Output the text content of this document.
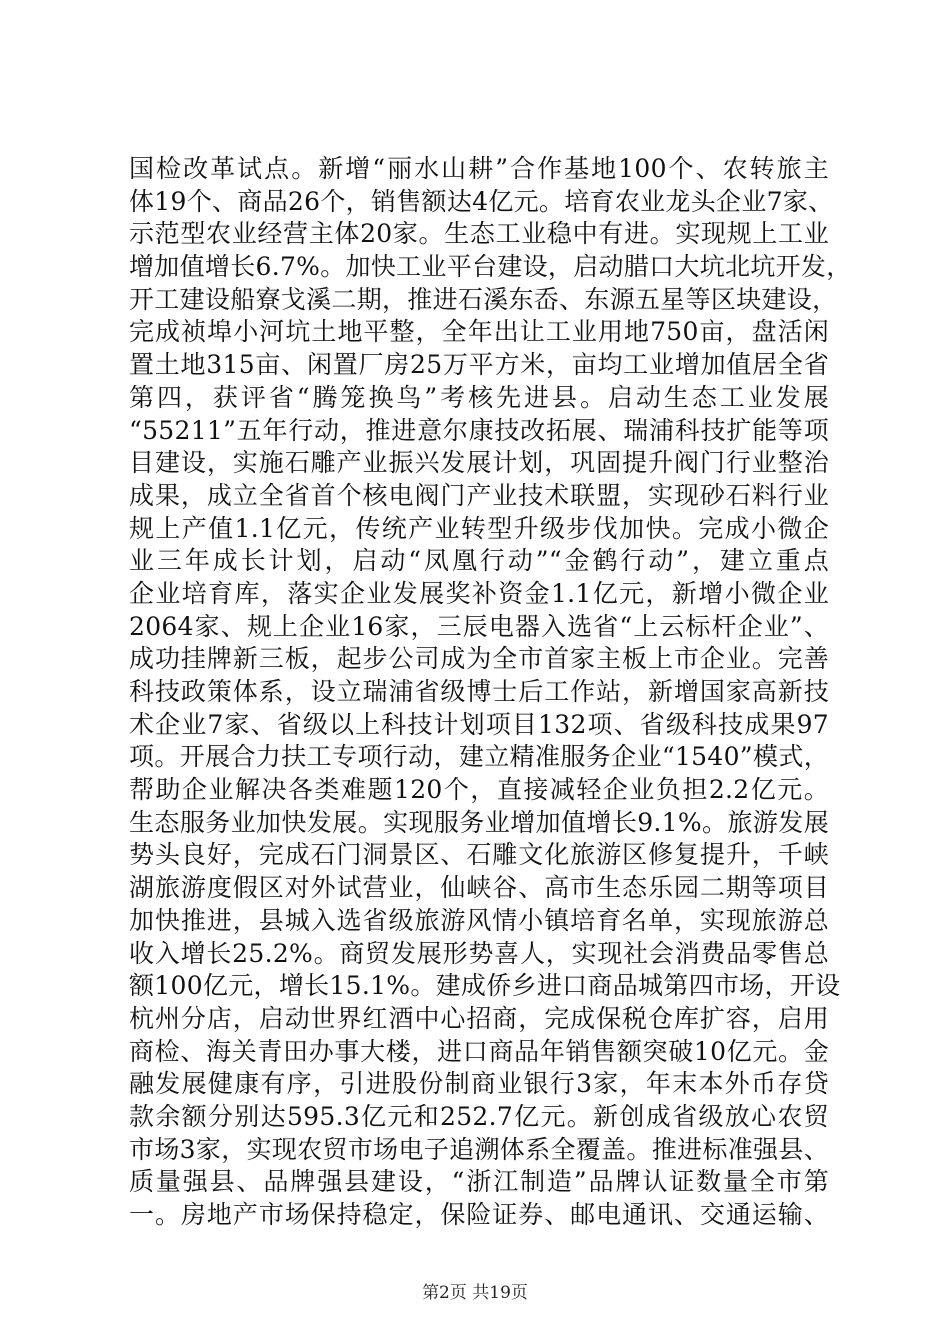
国检改革试点。新增“丽水山耕”合作基地100个、农转旅主
体19个、商品26个，销售额达4亿元。培育农业龙头企业7家、
示范型农业经营主体20家。生态工业稳中有进。实现规上工业
增加值增长6.7%。加快工业平台建设，启动腊口大坑北坑开发，
开工建设船寮戈溪二期，推进石溪东岙、东源五星等区块建设，
完成祯埠小河坑土地平整，全年出让工业用地750亩，盘活闲
置土地315亩、闲置厂房25万平方米，亩均工业增加值居全省
第四，获评省“腾笼换鸟”考核先进县。启动生态工业发展
“55211”五年行动，推进意尔康技改拓展、瑞浦科技扩能等项
目建设，实施石雕产业振兴发展计划，巩固提升阀门行业整治
成果，成立全省首个核电阀门产业技术联盟，实现砂石料行业
规上产值1.1亿元，传统产业转型升级步伐加快。完成小微企
业三年成长计划，启动“凤凰行动”“金鹤行动”，建立重点
企业培育库，落实企业发展奖补资金1.1亿元，新增小微企业
2064家、规上企业16家，三辰电器入选省“上云标杆企业”、
成功挂牌新三板，起步公司成为全市首家主板上市企业。完善
科技政策体系，设立瑞浦省级博士后工作站，新增国家高新技
术企业7家、省级以上科技计划项目132项、省级科技成果97
项。开展合力扶工专项行动，建立精准服务企业“1540”模式，
帮助企业解决各类难题120个，直接减轻企业负担2.2亿元。
生态服务业加快发展。实现服务业增加值增长9.1%。旅游发展
势头良好，完成石门洞景区、石雕文化旅游区修复提升，千峡
湖旅游度假区对外试营业，仙峡谷、高市生态乐园二期等项目
加快推进，县城入选省级旅游风情小镇培育名单，实现旅游总
收入增长25.2%。商贸发展形势喜人，实现社会消费品零售总
额100亿元，增长15.1%。建成侨乡进口商品城第四市场，开设
杭州分店，启动世界红酒中心招商，完成保税仓库扩容，启用
商检、海关青田办事大楼，进口商品年销售额突破10亿元。金
融发展健康有序，引进股份制商业银行3家，年末本外币存贷
款余额分别达595.3亿元和252.7亿元。新创成省级放心农贸
市场3家，实现农贸市场电子追溯体系全覆盖。推进标准强县、
质量强县、品牌强县建设，“浙江制造”品牌认证数量全市第
一。房地产市场保持稳定，保险证券、邮电通讯、交通运输、
第2页 共19页
